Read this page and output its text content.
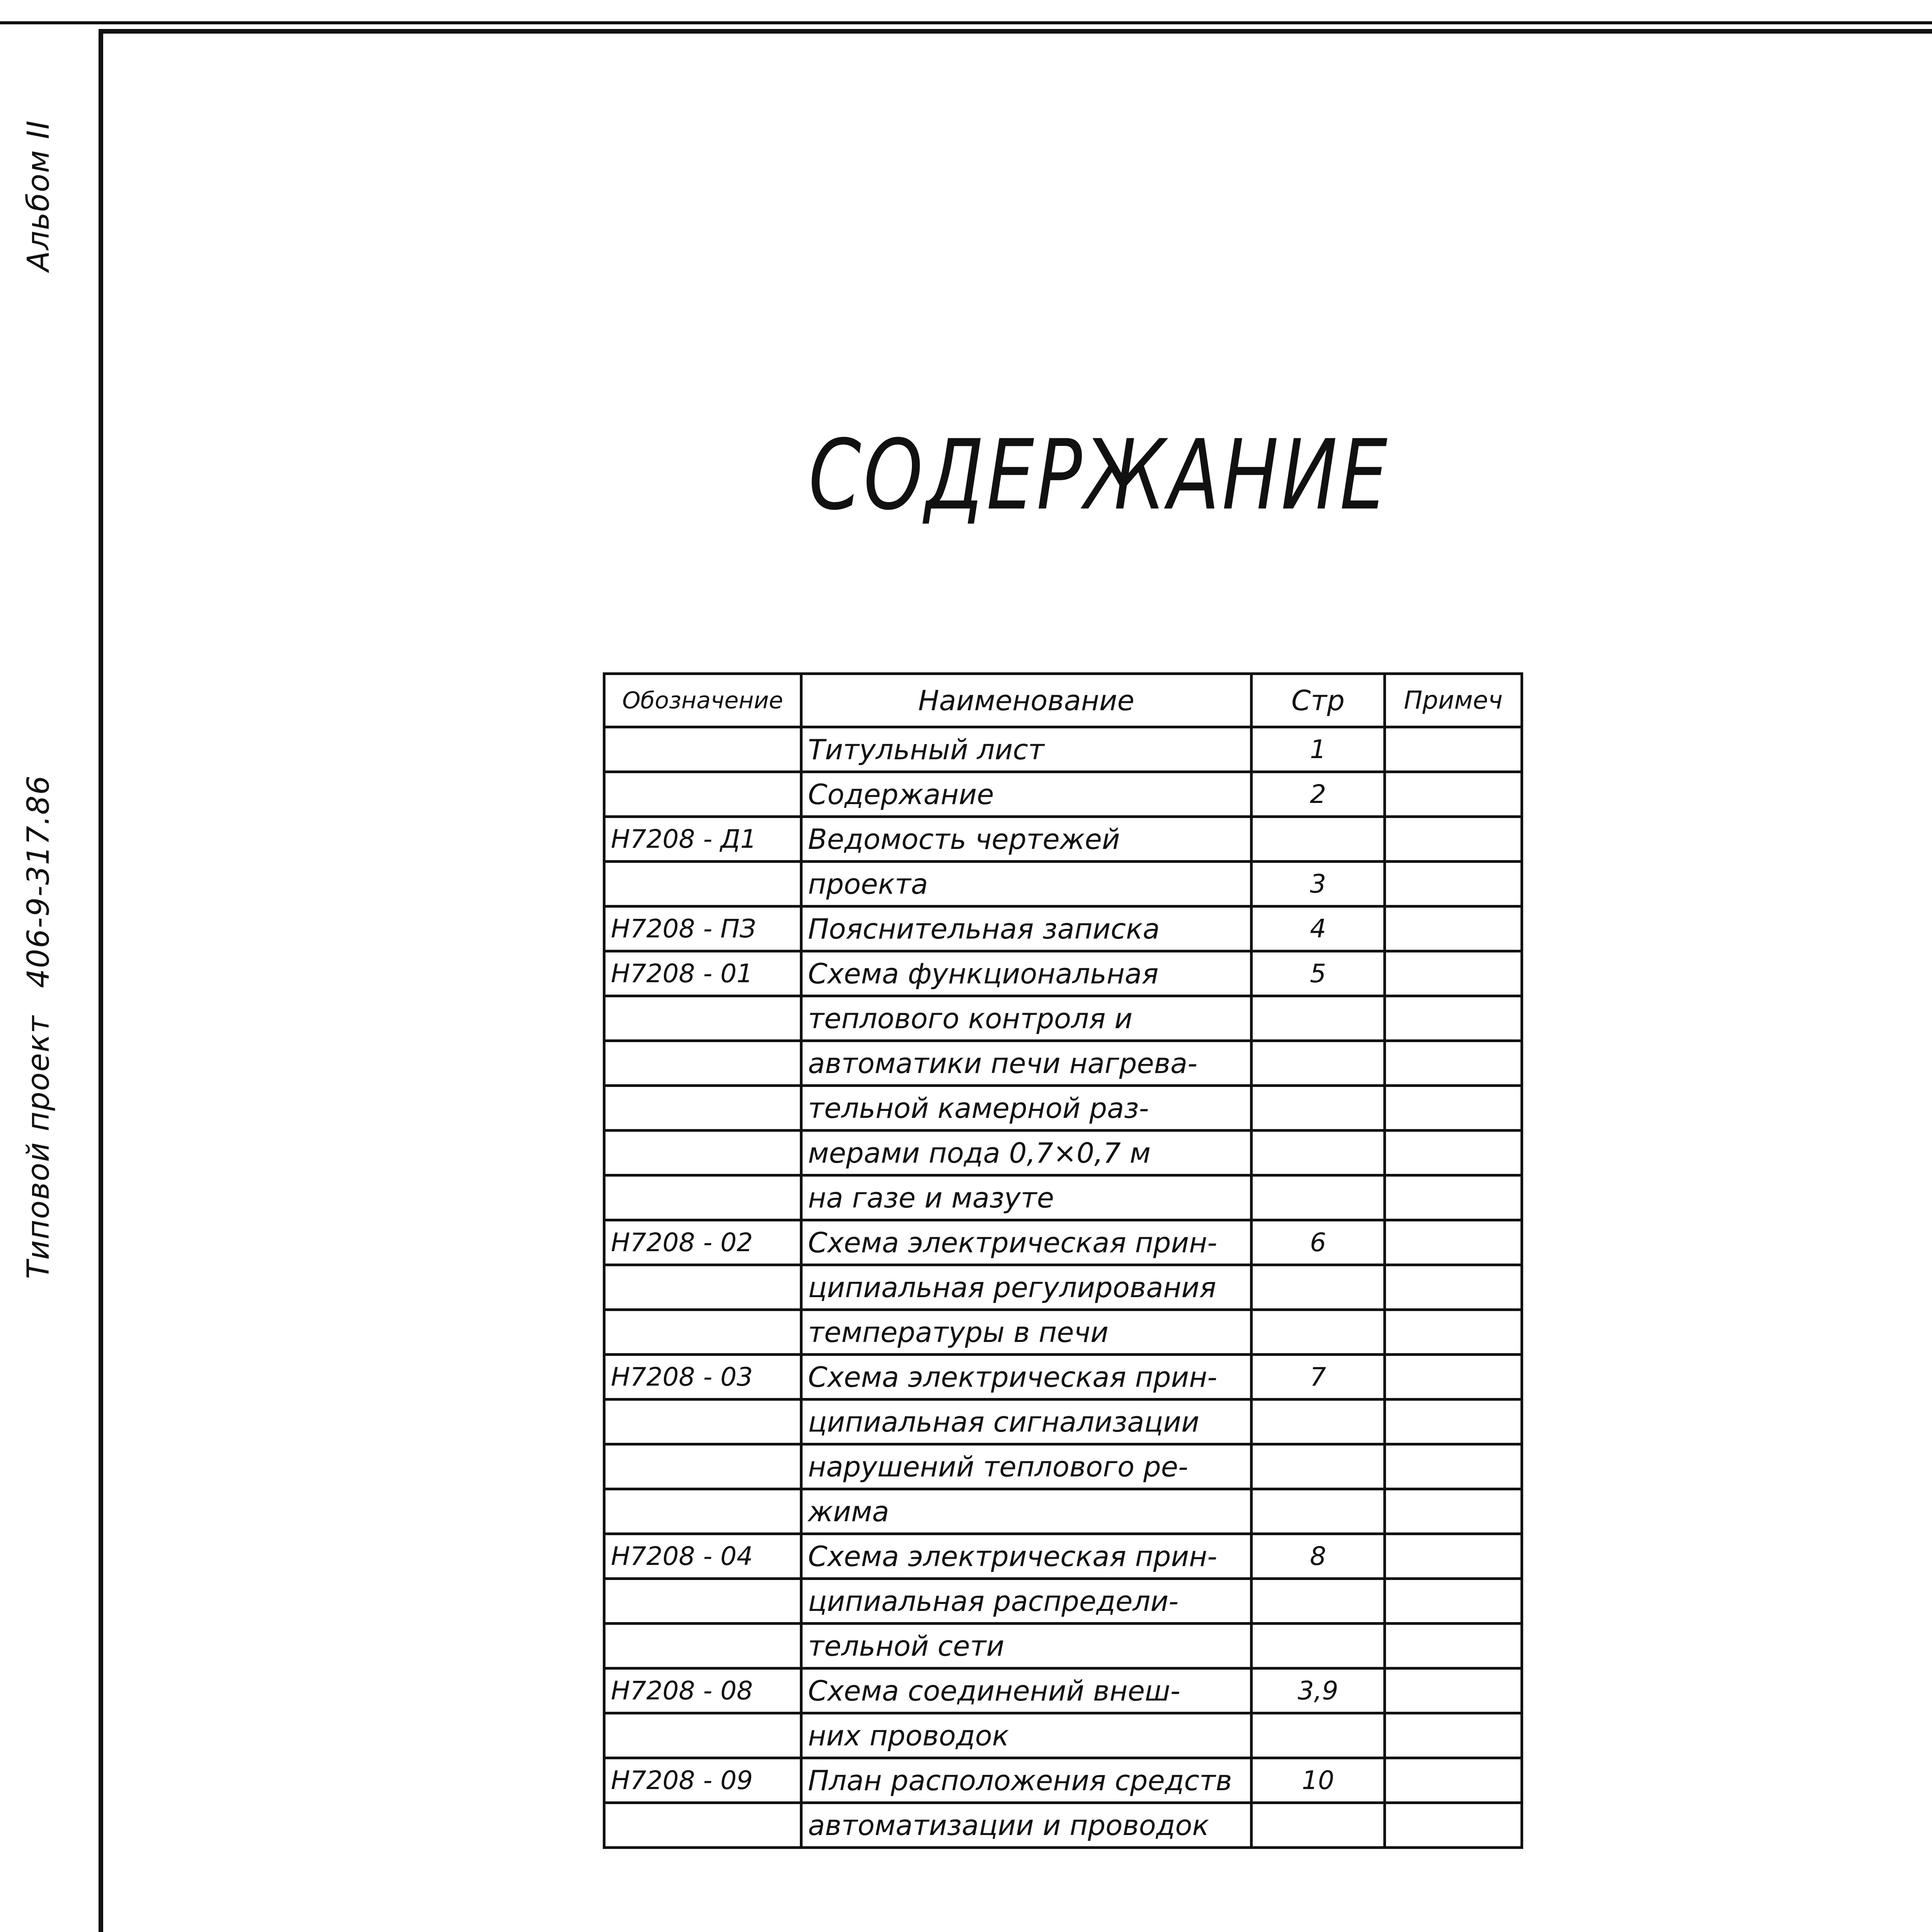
Типовой проект
406-9-317.86
Альбом II
СОДЕРЖАНИЕ
Обозначение	Наименование	Стр	Примеч
	Титульный лист	1	
	Содержание	2	
Н7208 - Д1	Ведомость чертежей		
	проекта	3	
Н7208 - ПЗ	Пояснительная записка	4	
Н7208 - 01	Схема функциональная	5	
	теплового контроля и		
	автоматики печи нагрева-		
	тельной камерной раз-		
	мерами пода 0,7×0,7 м		
	на газе и мазуте		
Н7208 - 02	Схема электрическая прин-	6	
	ципиальная регулирования		
	температуры в печи		
Н7208 - 03	Схема электрическая прин-	7	
	ципиальная сигнализации		
	нарушений теплового ре-		
	жима		
Н7208 - 04	Схема электрическая прин-	8	
	ципиальная распредели-		
	тельной сети		
Н7208 - 08	Схема соединений внеш-	3,9	
	них проводок		
Н7208 - 09	План расположения средств	10	
	автоматизации и проводок		
